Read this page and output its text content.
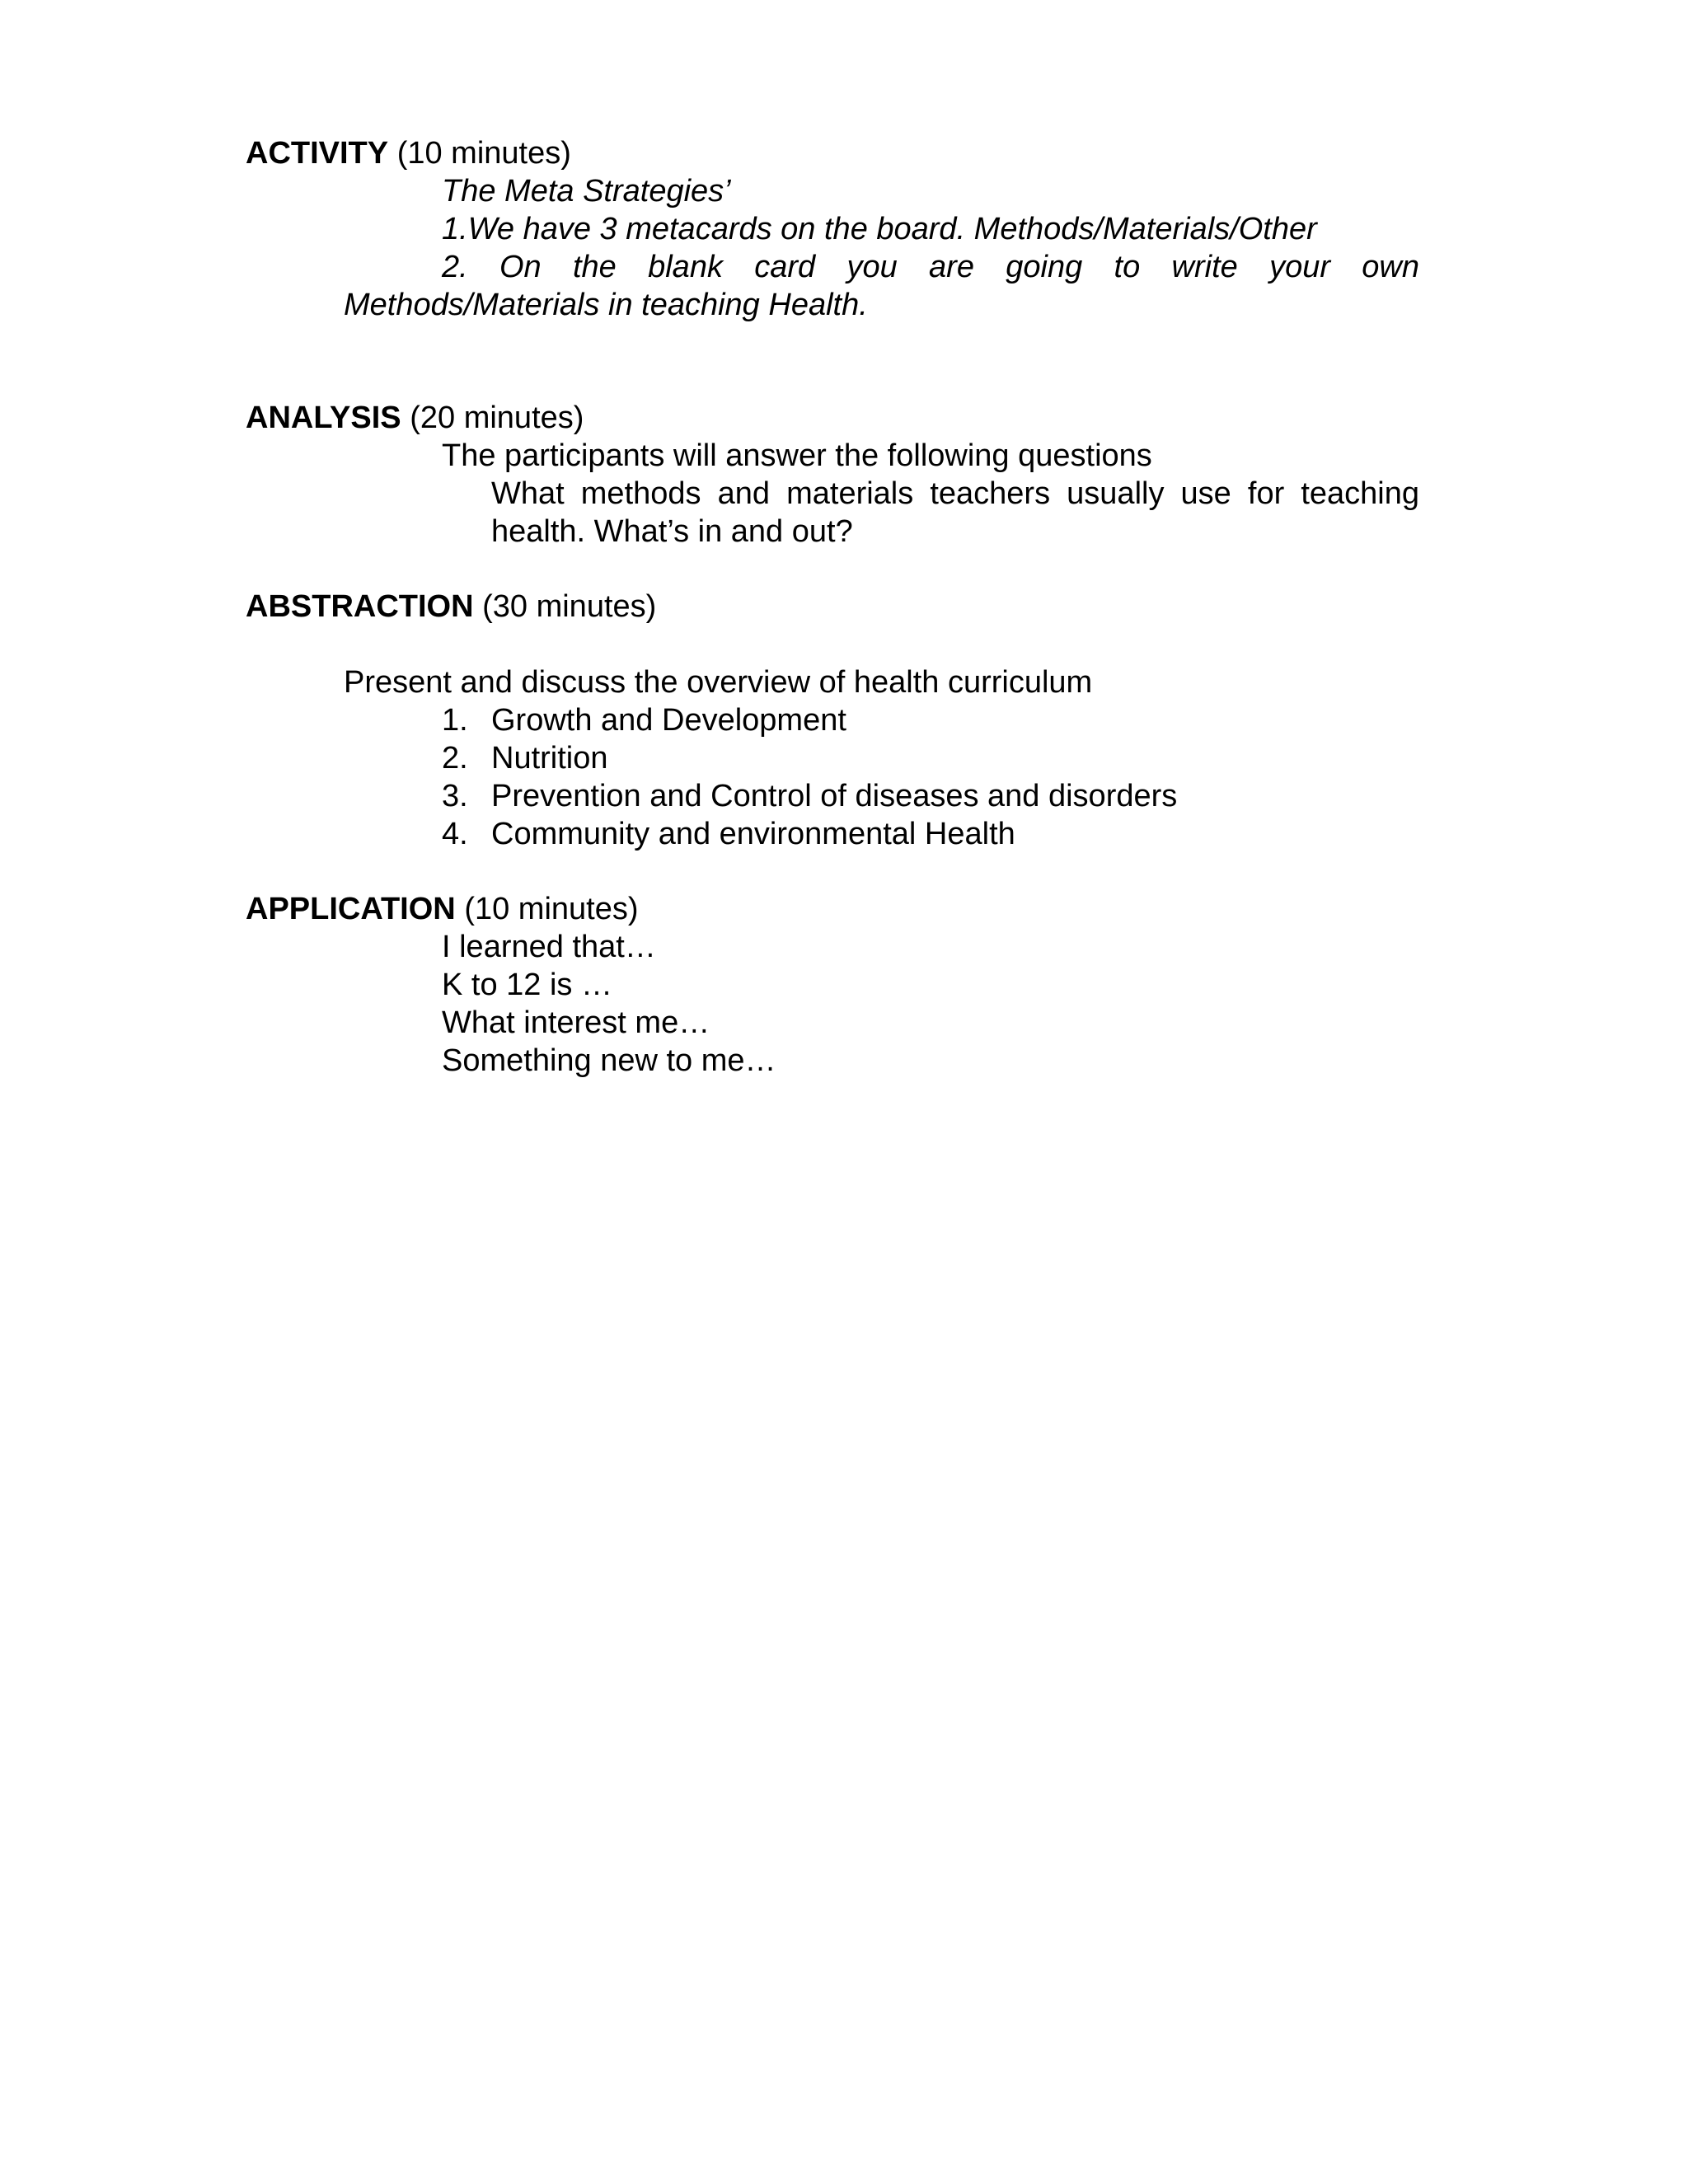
ACTIVITY (10 minutes)
The Meta Strategies’
1.We have 3 metacards on the board. Methods/Materials/Other
2. On the blank card you are going to write your own
Methods/Materials in teaching Health.
ANALYSIS (20 minutes)
The participants will answer the following questions
What methods and materials teachers usually use for teaching
health. What’s in and out?
ABSTRACTION (30 minutes)
Present and discuss the overview of health curriculum
1. Growth and Development
2. Nutrition
3. Prevention and Control of diseases and disorders
4. Community and environmental Health
APPLICATION (10 minutes)
I learned that…
K to 12 is …
What interest me…
Something new to me…
